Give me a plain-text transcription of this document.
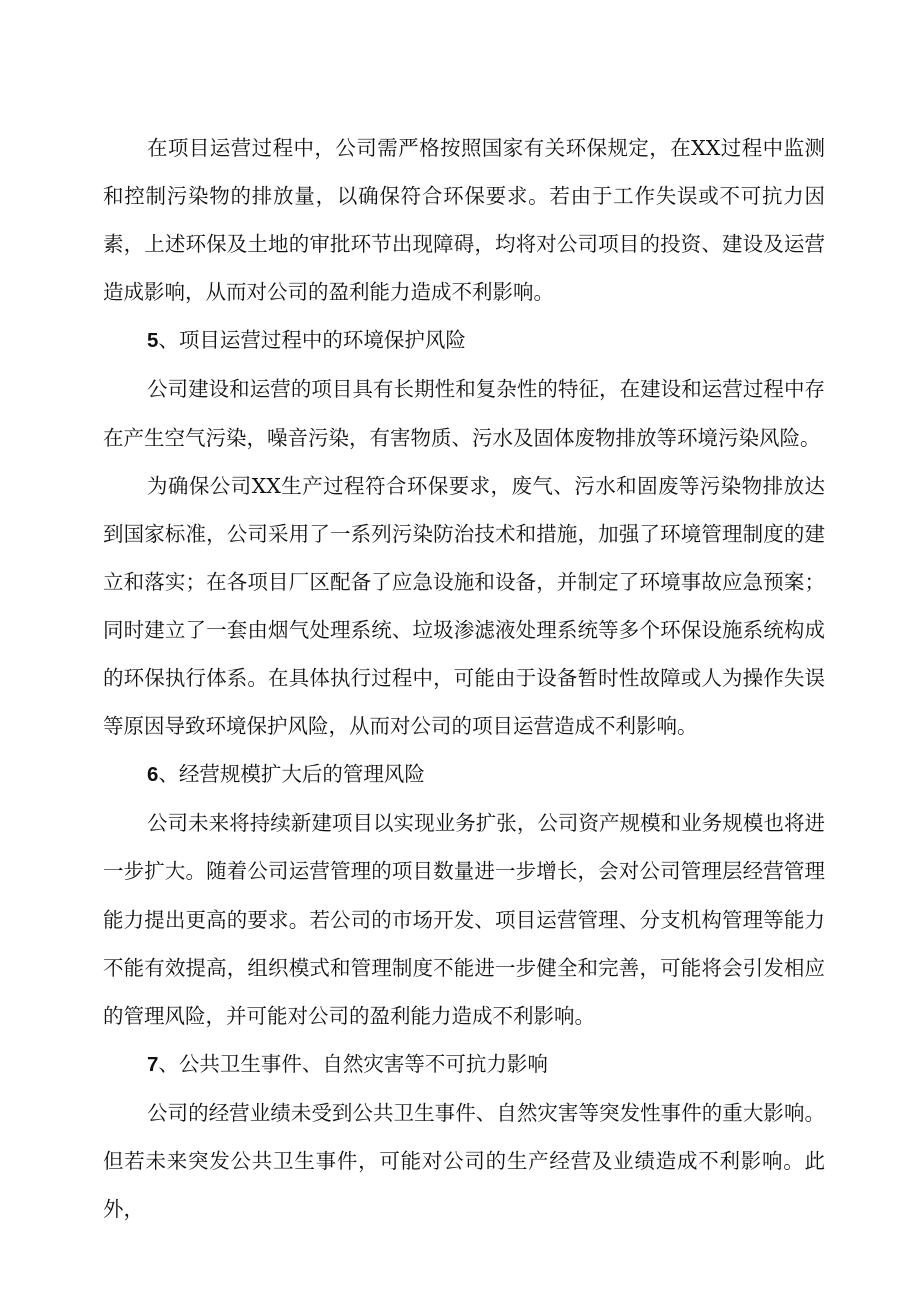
在项目运营过程中，公司需严格按照国家有关环保规定，在XX过程中监测和控制污染物的排放量，以确保符合环保要求。若由于工作失误或不可抗力因素，上述环保及土地的审批环节出现障碍，均将对公司项目的投资、建设及运营造成影响，从而对公司的盈利能力造成不利影响。

5、项目运营过程中的环境保护风险

公司建设和运营的项目具有长期性和复杂性的特征，在建设和运营过程中存在产生空气污染，噪音污染，有害物质、污水及固体废物排放等环境污染风险。

为确保公司XX生产过程符合环保要求，废气、污水和固废等污染物排放达到国家标准，公司采用了一系列污染防治技术和措施，加强了环境管理制度的建立和落实；在各项目厂区配备了应急设施和设备，并制定了环境事故应急预案；同时建立了一套由烟气处理系统、垃圾渗滤液处理系统等多个环保设施系统构成的环保执行体系。在具体执行过程中，可能由于设备暂时性故障或人为操作失误等原因导致环境保护风险，从而对公司的项目运营造成不利影响。

6、经营规模扩大后的管理风险

公司未来将持续新建项目以实现业务扩张，公司资产规模和业务规模也将进一步扩大。随着公司运营管理的项目数量进一步增长，会对公司管理层经营管理能力提出更高的要求。若公司的市场开发、项目运营管理、分支机构管理等能力不能有效提高，组织模式和管理制度不能进一步健全和完善，可能将会引发相应的管理风险，并可能对公司的盈利能力造成不利影响。

7、公共卫生事件、自然灾害等不可抗力影响

公司的经营业绩未受到公共卫生事件、自然灾害等突发性事件的重大影响。但若未来突发公共卫生事件，可能对公司的生产经营及业绩造成不利影响。此外，
